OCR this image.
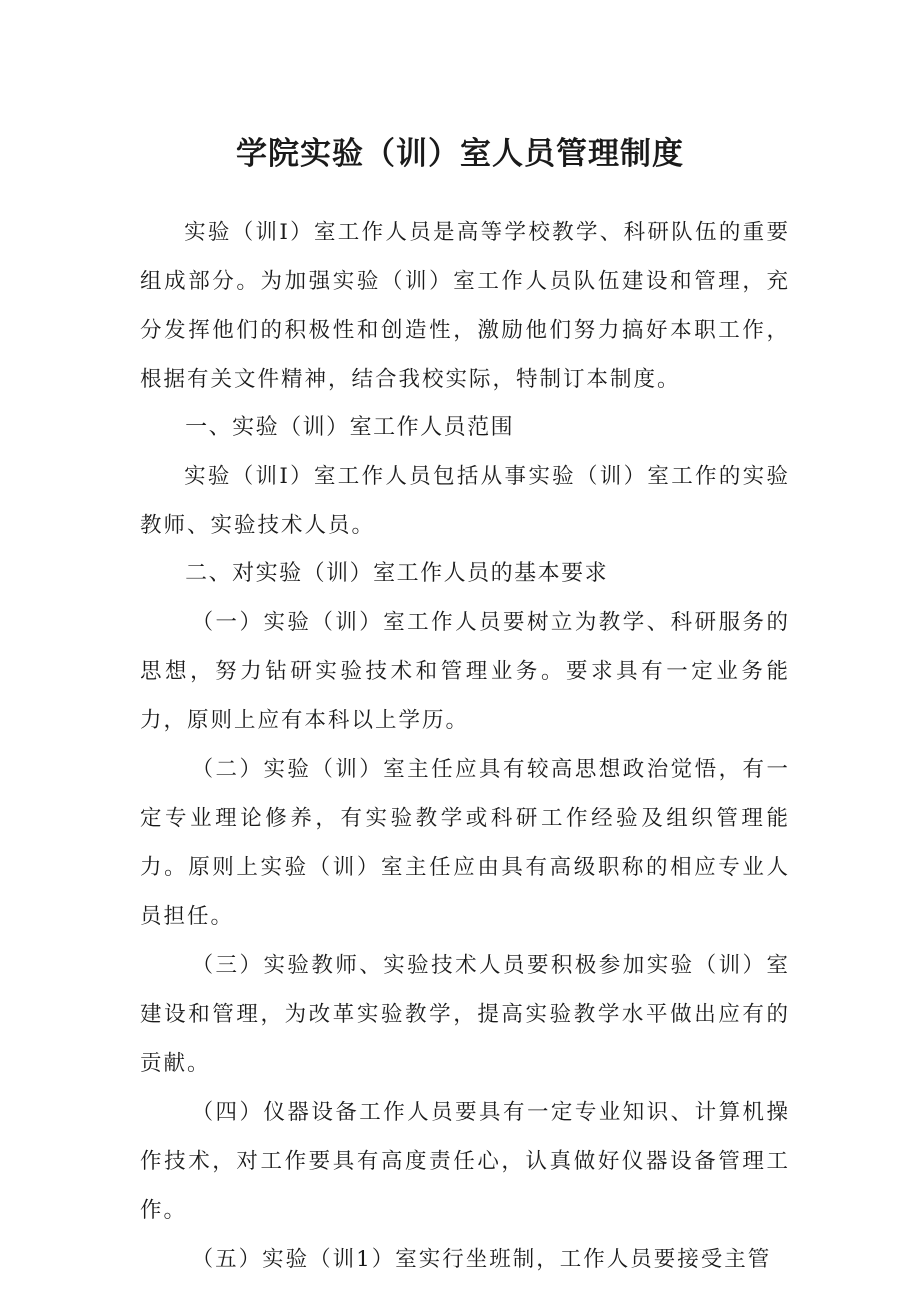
学院实验（训）室人员管理制度

实验（训Ⅰ）室工作人员是高等学校教学、科研队伍的重要组成部分。为加强实验（训）室工作人员队伍建设和管理，充分发挥他们的积极性和创造性，激励他们努力搞好本职工作，根据有关文件精神，结合我校实际，特制订本制度。

一、实验（训）室工作人员范围

实验（训Ⅰ）室工作人员包括从事实验（训）室工作的实验教师、实验技术人员。

二、对实验（训）室工作人员的基本要求

（一）实验（训）室工作人员要树立为教学、科研服务的思想，努力钻研实验技术和管理业务。要求具有一定业务能力，原则上应有本科以上学历。

（二）实验（训）室主任应具有较高思想政治觉悟，有一定专业理论修养，有实验教学或科研工作经验及组织管理能力。原则上实验（训）室主任应由具有高级职称的相应专业人员担任。

（三）实验教师、实验技术人员要积极参加实验（训）室建设和管理，为改革实验教学，提高实验教学水平做出应有的贡献。

（四）仪器设备工作人员要具有一定专业知识、计算机操作技术，对工作要具有高度责任心，认真做好仪器设备管理工作。

（五）实验（训1）室实行坐班制，工作人员要接受主管
